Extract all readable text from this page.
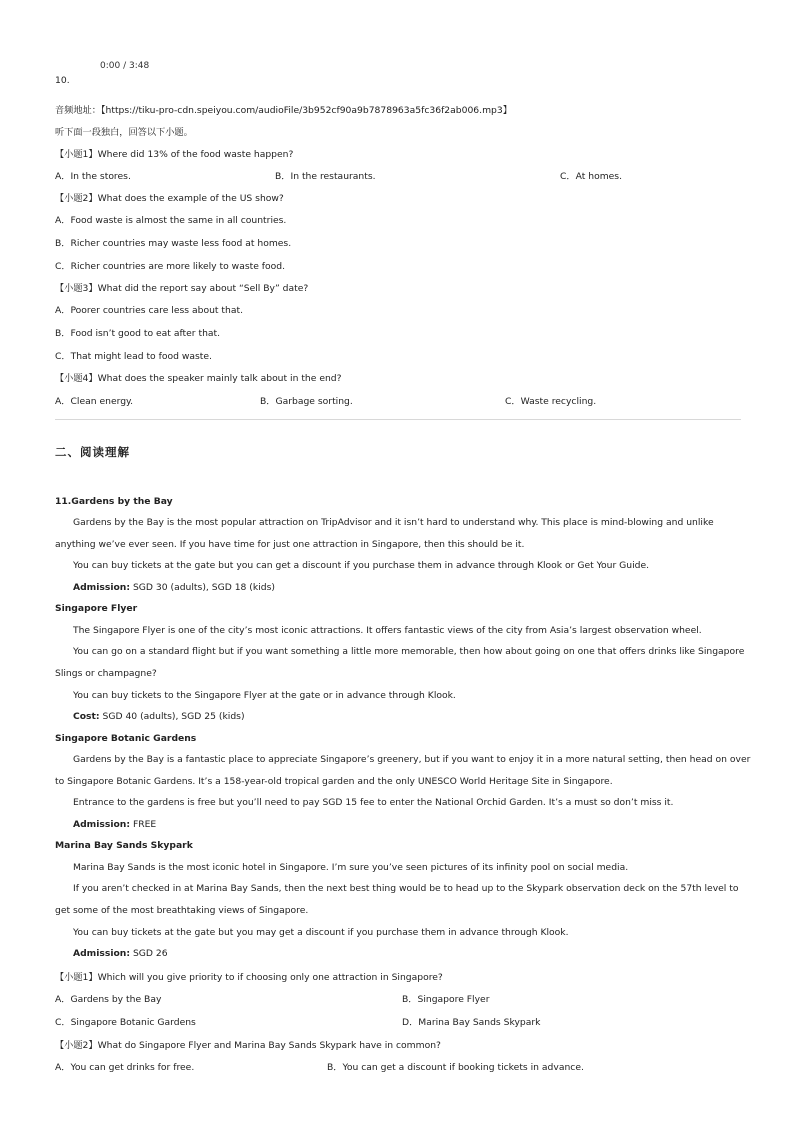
0:00 / 3:48
10.
音频地址：【https://tiku-pro-cdn.speiyou.com/audioFile/3b952cf90a9b7878963a5fc36f2ab006.mp3】
听下面一段独白，回答以下小题。
【小题1】Where did 13% of the food waste happen?
A．In the stores.	B．In the restaurants.	C．At homes.
【小题2】What does the example of the US show?
A．Food waste is almost the same in all countries.
B．Richer countries may waste less food at homes.
C．Richer countries are more likely to waste food.
【小题3】What did the report say about “Sell By” date?
A．Poorer countries care less about that.
B．Food isn’t good to eat after that.
C．That might lead to food waste.
【小题4】What does the speaker mainly talk about in the end?
A．Clean energy.	B．Garbage sorting.	C．Waste recycling.
二、阅读理解
11.Gardens by the Bay
Gardens by the Bay is the most popular attraction on TripAdvisor and it isn’t hard to understand why. This place is mind-blowing and unlike
anything we’ve ever seen. If you have time for just one attraction in Singapore, then this should be it.
You can buy tickets at the gate but you can get a discount if you purchase them in advance through Klook or Get Your Guide.
Admission: SGD 30 (adults), SGD 18 (kids)
Singapore Flyer
The Singapore Flyer is one of the city’s most iconic attractions. It offers fantastic views of the city from Asia’s largest observation wheel.
You can go on a standard flight but if you want something a little more memorable, then how about going on one that offers drinks like Singapore
Slings or champagne?
You can buy tickets to the Singapore Flyer at the gate or in advance through Klook.
Cost: SGD 40 (adults), SGD 25 (kids)
Singapore Botanic Gardens
Gardens by the Bay is a fantastic place to appreciate Singapore’s greenery, but if you want to enjoy it in a more natural setting, then head on over
to Singapore Botanic Gardens. It’s a 158-year-old tropical garden and the only UNESCO World Heritage Site in Singapore.
Entrance to the gardens is free but you’ll need to pay SGD 15 fee to enter the National Orchid Garden. It’s a must so don’t miss it.
Admission: FREE
Marina Bay Sands Skypark
Marina Bay Sands is the most iconic hotel in Singapore. I’m sure you’ve seen pictures of its infinity pool on social media.
If you aren’t checked in at Marina Bay Sands, then the next best thing would be to head up to the Skypark observation deck on the 57th level to
get some of the most breathtaking views of Singapore.
You can buy tickets at the gate but you may get a discount if you purchase them in advance through Klook.
Admission: SGD 26
【小题1】Which will you give priority to if choosing only one attraction in Singapore?
A．Gardens by the Bay	B．Singapore Flyer
C．Singapore Botanic Gardens	D．Marina Bay Sands Skypark
【小题2】What do Singapore Flyer and Marina Bay Sands Skypark have in common?
A．You can get drinks for free.	B．You can get a discount if booking tickets in advance.
